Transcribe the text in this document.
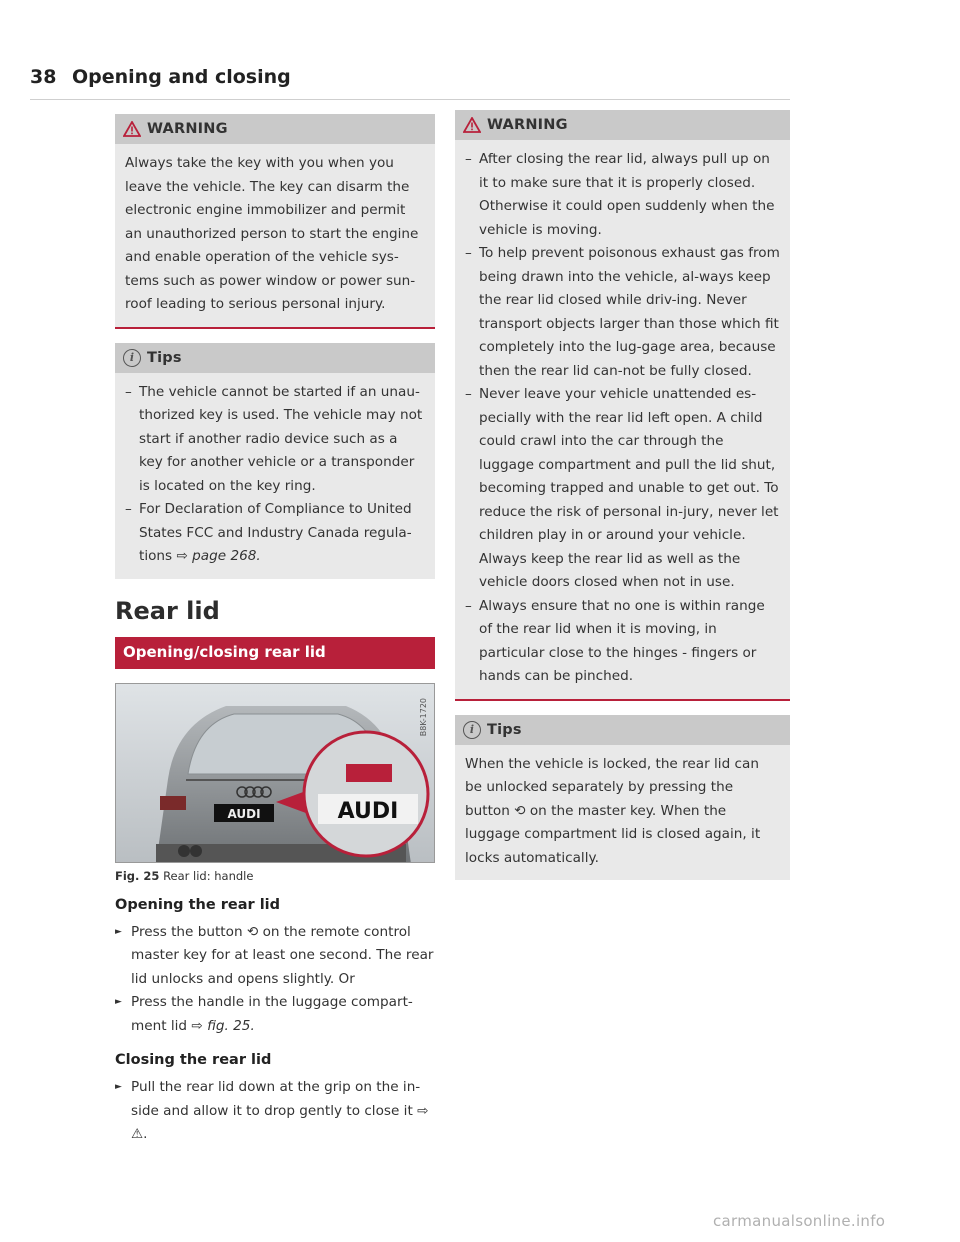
38 Opening and closing
WARNING
Always take the key with you when you leave the vehicle. The key can disarm the electronic engine immobilizer and permit an unauthorized person to start the engine and enable operation of the vehicle sys-tems such as power window or power sun-roof leading to serious personal injury.
i Tips
– The vehicle cannot be started if an unau-thorized key is used. The vehicle may not start if another radio device such as a key for another vehicle or a transponder is located on the key ring.
– For Declaration of Compliance to United States FCC and Industry Canada regula-tions ⇨ page 268.
Rear lid
Opening/closing rear lid
AUDI	AUDI
B8K-1720
Fig. 25 Rear lid: handle
Opening the rear lid
► Press the button ⟲ on the remote control master key for at least one second. The rear lid unlocks and opens slightly. Or
► Press the handle in the luggage compart-ment lid ⇨ fig. 25.
Closing the rear lid
► Pull the rear lid down at the grip on the in-side and allow it to drop gently to close it ⇨ ⚠.
WARNING
– After closing the rear lid, always pull up on it to make sure that it is properly closed. Otherwise it could open suddenly when the vehicle is moving.
– To help prevent poisonous exhaust gas from being drawn into the vehicle, al-ways keep the rear lid closed while driv-ing. Never transport objects larger than those which fit completely into the lug-gage area, because then the rear lid can-not be fully closed.
– Never leave your vehicle unattended es-pecially with the rear lid left open. A child could crawl into the car through the luggage compartment and pull the lid shut, becoming trapped and unable to get out. To reduce the risk of personal in-jury, never let children play in or around your vehicle. Always keep the rear lid as well as the vehicle doors closed when not in use.
– Always ensure that no one is within range of the rear lid when it is moving, in particular close to the hinges - fingers or hands can be pinched.
i Tips
When the vehicle is locked, the rear lid can be unlocked separately by pressing the button ⟲ on the master key. When the luggage compartment lid is closed again, it locks automatically.
carmanualsonline.info
